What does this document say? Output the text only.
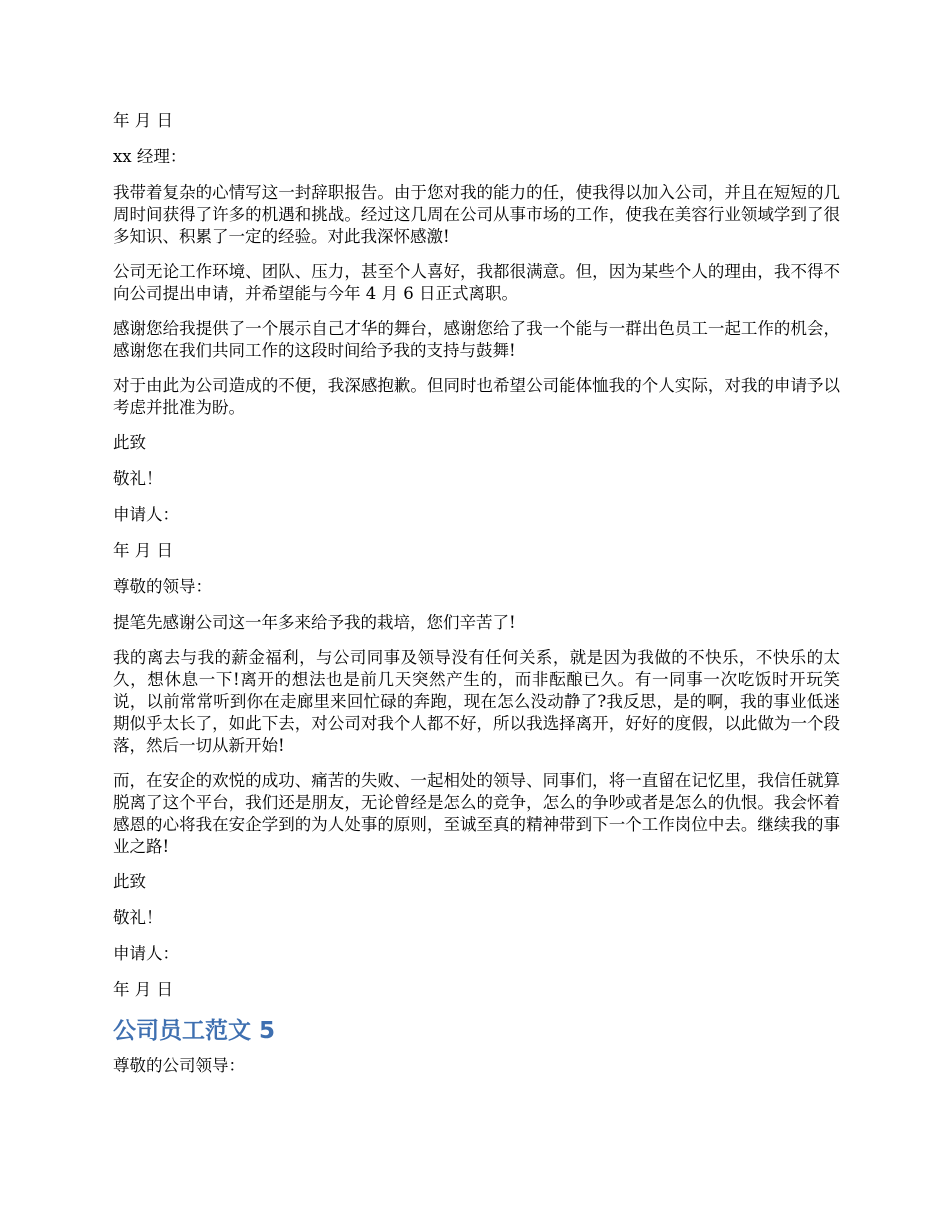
年 月 日

xx 经理：

我带着复杂的心情写这一封辞职报告。由于您对我的能力的任，使我得以加入公司，并且在短短的几周时间获得了许多的机遇和挑战。经过这几周在公司从事市场的工作，使我在美容行业领域学到了很多知识、积累了一定的经验。对此我深怀感激!

公司无论工作环境、团队、压力，甚至个人喜好，我都很满意。但，因为某些个人的理由，我不得不向公司提出申请，并希望能与今年 4 月 6 日正式离职。

感谢您给我提供了一个展示自己才华的舞台，感谢您给了我一个能与一群出色员工一起工作的机会，感谢您在我们共同工作的这段时间给予我的支持与鼓舞!

对于由此为公司造成的不便，我深感抱歉。但同时也希望公司能体恤我的个人实际，对我的申请予以考虑并批准为盼。

此致

敬礼！

申请人：

年 月 日

尊敬的领导：

提笔先感谢公司这一年多来给予我的栽培，您们辛苦了!

我的离去与我的薪金福利，与公司同事及领导没有任何关系，就是因为我做的不快乐，不快乐的太久，想休息一下!离开的想法也是前几天突然产生的，而非酝酿已久。有一同事一次吃饭时开玩笑说，以前常常听到你在走廊里来回忙碌的奔跑，现在怎么没动静了?我反思，是的啊，我的事业低迷期似乎太长了，如此下去，对公司对我个人都不好，所以我选择离开，好好的度假，以此做为一个段落，然后一切从新开始!

而，在安企的欢悦的成功、痛苦的失败、一起相处的领导、同事们，将一直留在记忆里，我信任就算脱离了这个平台，我们还是朋友，无论曾经是怎么的竞争，怎么的争吵或者是怎么的仇恨。我会怀着感恩的心将我在安企学到的为人处事的原则，至诚至真的精神带到下一个工作岗位中去。继续我的事业之路!

此致

敬礼！

申请人：

年 月 日

公司员工范文 5

尊敬的公司领导：
